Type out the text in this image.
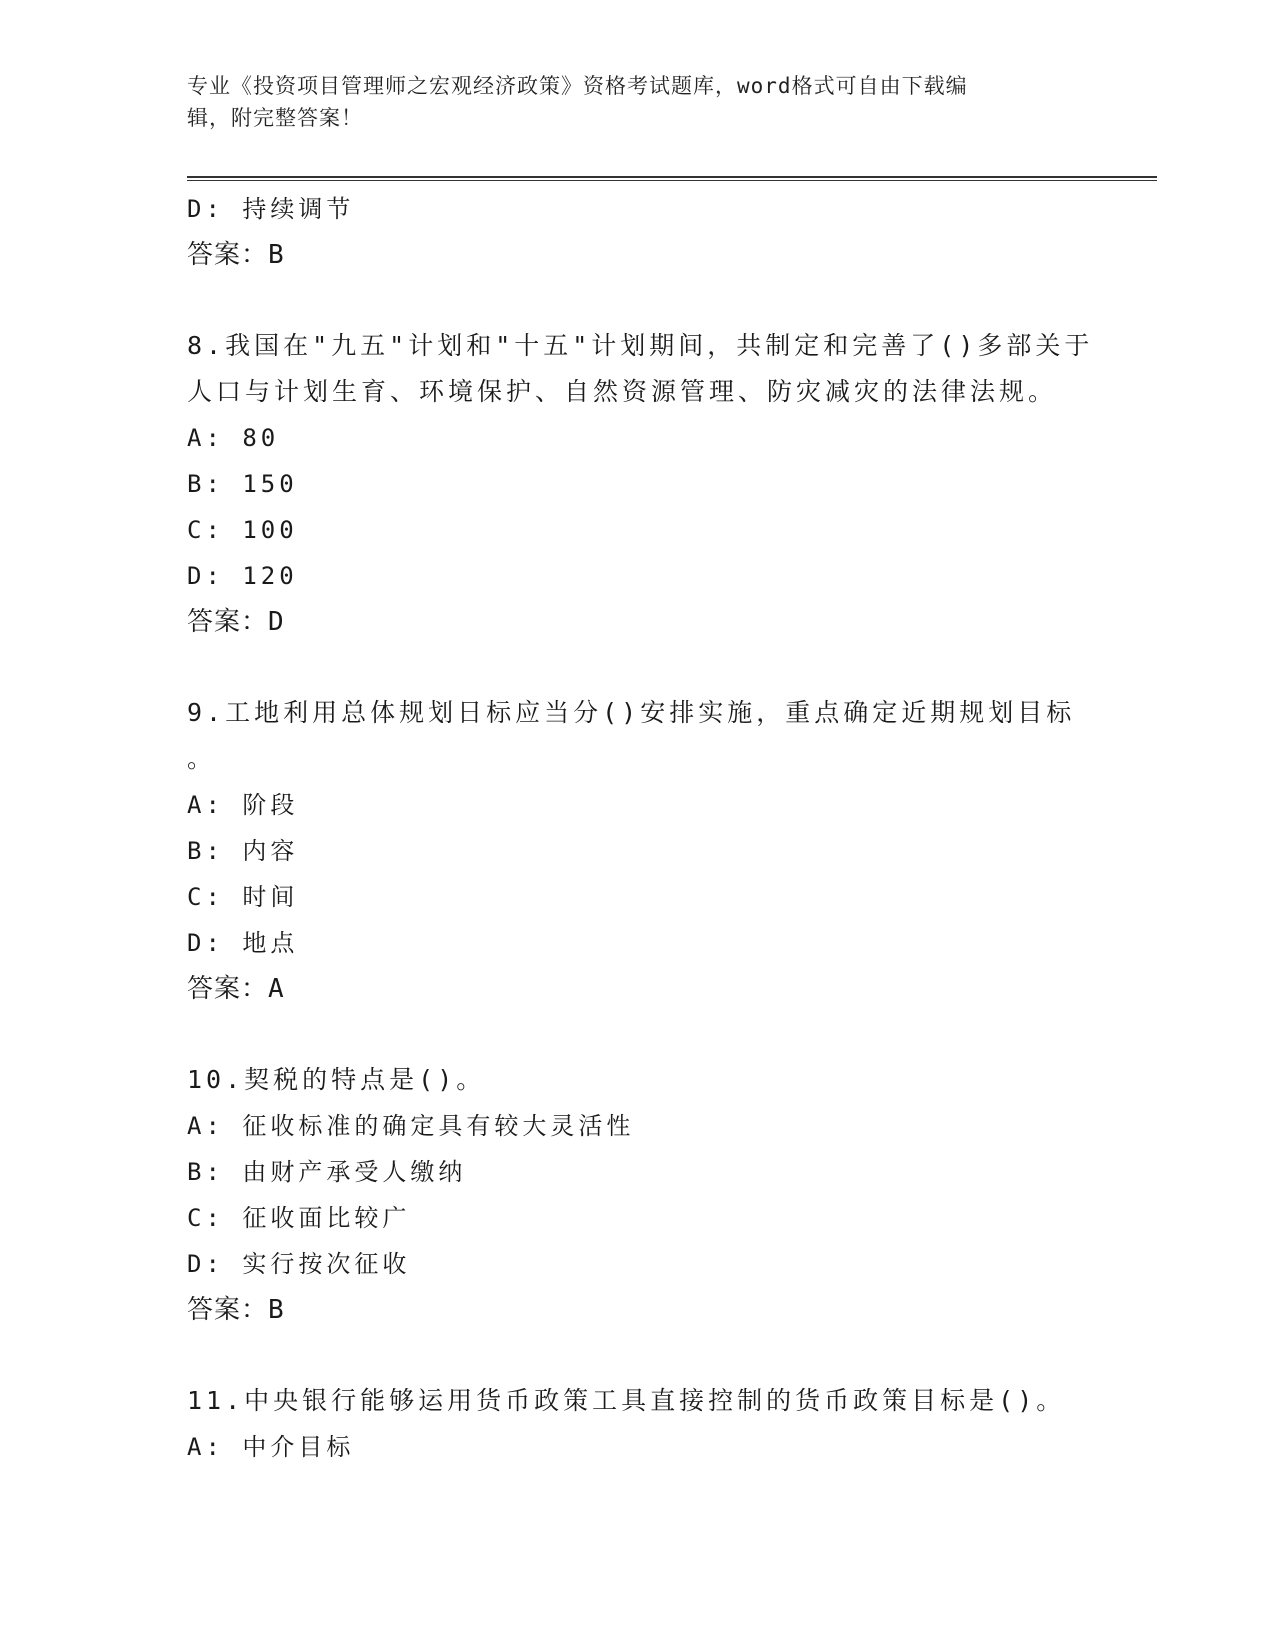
专业《投资项目管理师之宏观经济政策》资格考试题库，word格式可自由下载编
辑，附完整答案！
D: 持续调节
答案：B
8.我国在"九五"计划和"十五"计划期间，共制定和完善了()多部关于
人口与计划生育、环境保护、自然资源管理、防灾减灾的法律法规。
A: 80
B: 150
C: 100
D: 120
答案：D
9.工地利用总体规划日标应当分()安排实施，重点确定近期规划目标
。
A: 阶段
B: 内容
C: 时间
D: 地点
答案：A
10.契税的特点是()。
A: 征收标准的确定具有较大灵活性
B: 由财产承受人缴纳
C: 征收面比较广
D: 实行按次征收
答案：B
11.中央银行能够运用货币政策工具直接控制的货币政策目标是()。
A: 中介目标
